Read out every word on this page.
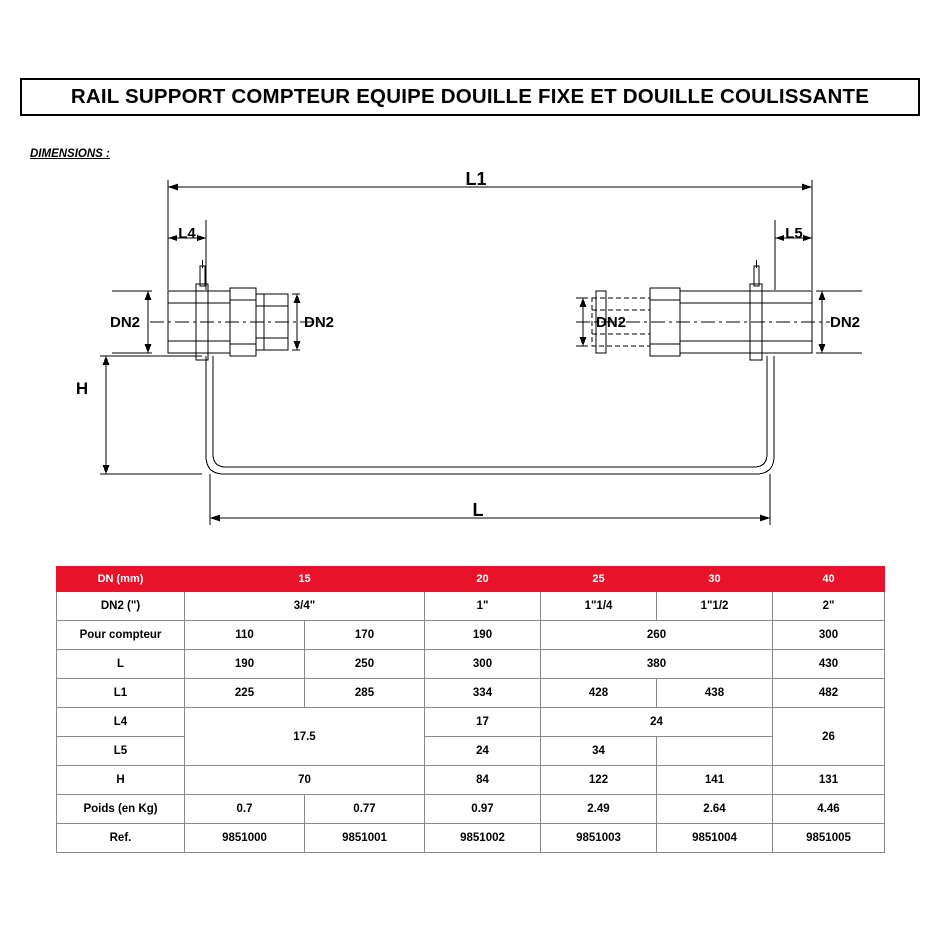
RAIL SUPPORT COMPTEUR EQUIPE DOUILLE FIXE ET DOUILLE COULISSANTE
DIMENSIONS :
L1
L4	L5
DN2	DN2	DN2	DN2
H
L
DN (mm)	15		20	25	30	40
DN2 (")	3/4"		1"	1"1/4	1"1/2	2"
Pour compteur	110	170	190	260		300
L	190	250	300	380		430
L1	225	285	334	428	438	482
L4	17.5		17	24		26
L5			24	34		
H	70		84	122	141	131
Poids (en Kg)	0.7	0.77	0.97	2.49	2.64	4.46
Ref.	9851000	9851001	9851002	9851003	9851004	9851005
